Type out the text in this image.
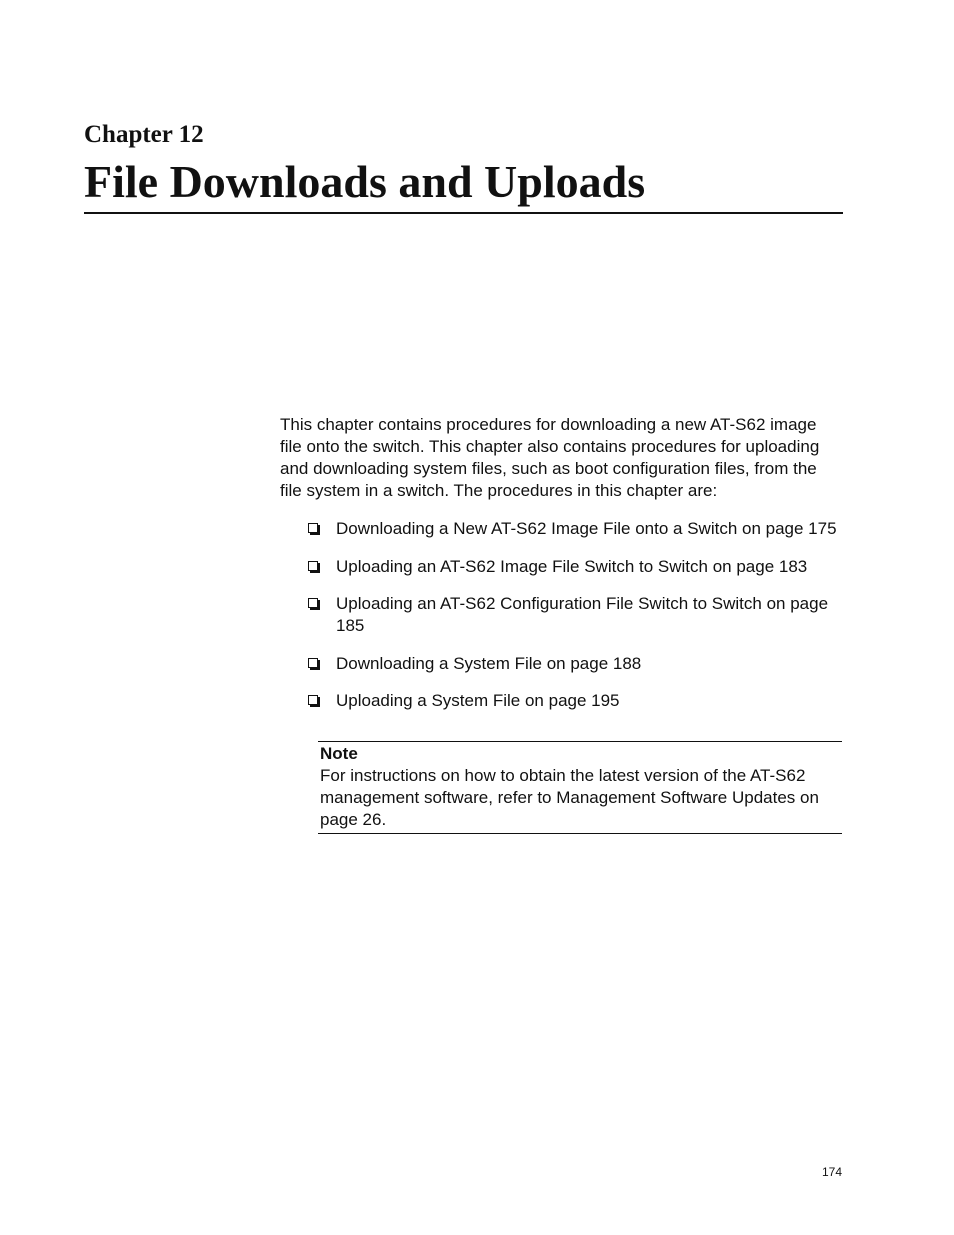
Chapter 12
File Downloads and Uploads

This chapter contains procedures for downloading a new AT-S62 image file onto the switch. This chapter also contains procedures for uploading and downloading system files, such as boot configuration files, from the file system in a switch. The procedures in this chapter are:

Downloading a New AT-S62 Image File onto a Switch on page 175
Uploading an AT-S62 Image File Switch to Switch on page 183
Uploading an AT-S62 Configuration File Switch to Switch on page 185
Downloading a System File on page 188
Uploading a System File on page 195

Note

For instructions on how to obtain the latest version of the AT-S62 management software, refer to Management Software Updates on page 26.

174
